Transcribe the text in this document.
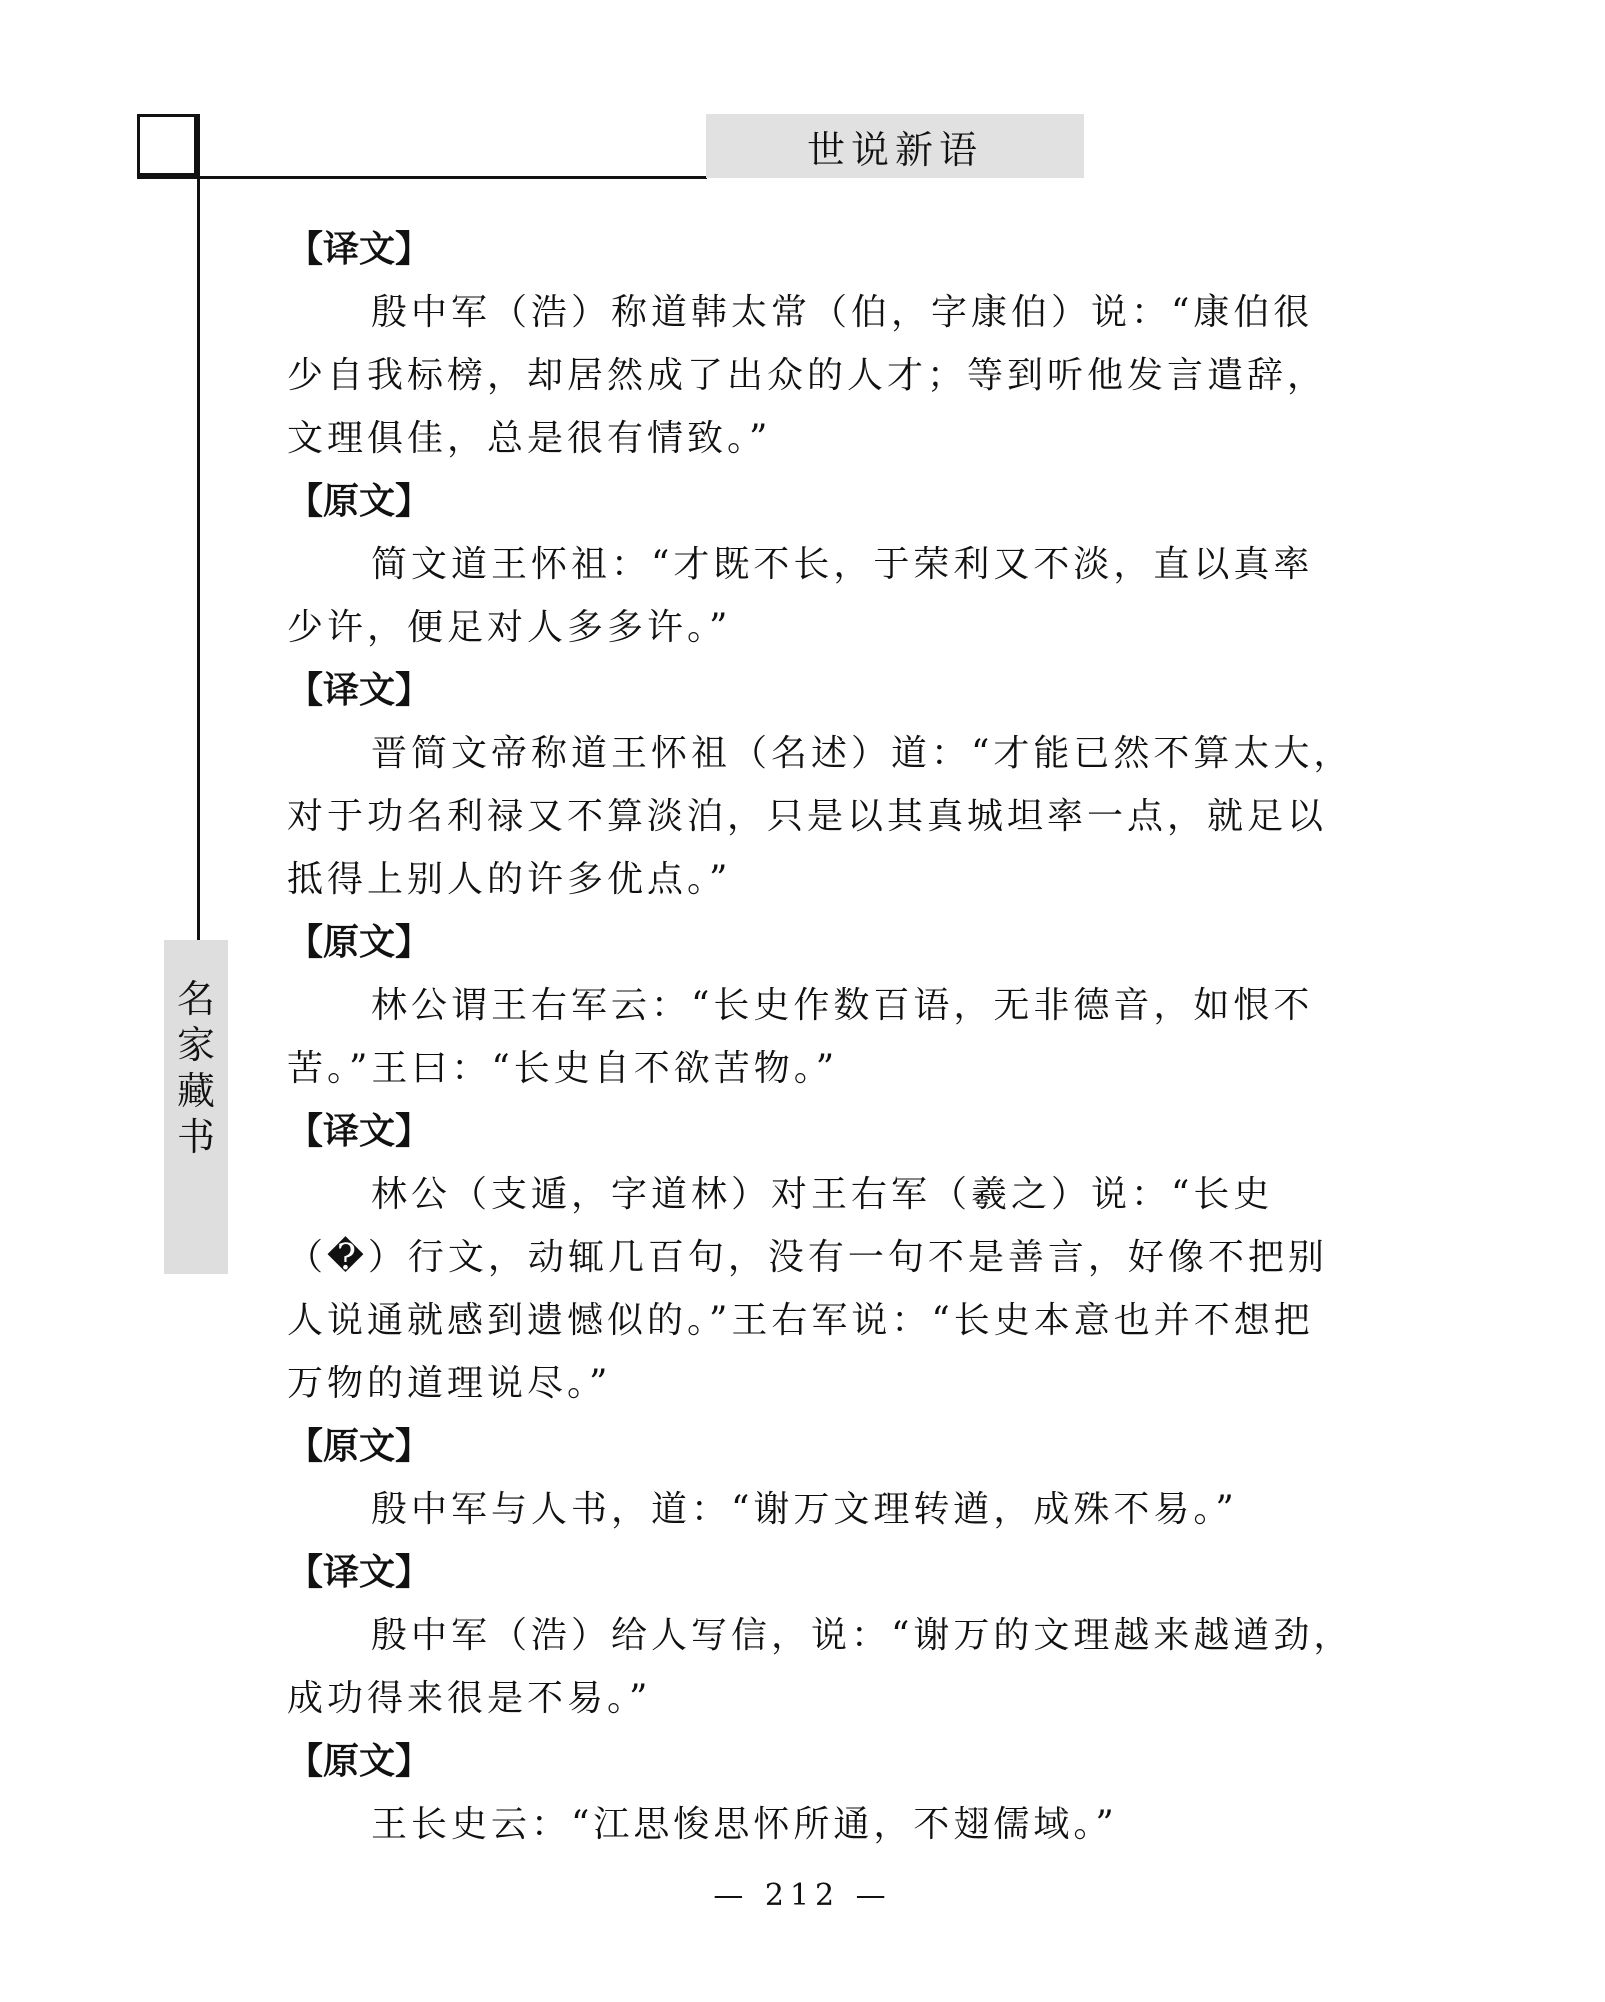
世说新语
名
家
藏
书
【译文】
殷中军（浩）称道韩太常（伯，字康伯）说：“康伯很
少自我标榜，却居然成了出众的人才；等到听他发言遣辞，
文理俱佳，总是很有情致。”
【原文】
简文道王怀祖：“才既不长，于荣利又不淡，直以真率
少许，便足对人多多许。”
【译文】
晋简文帝称道王怀祖（名述）道：“才能已然不算太大，
对于功名利禄又不算淡泊，只是以其真城坦率一点，就足以
抵得上别人的许多优点。”
【原文】
林公谓王右军云：“长史作数百语，无非德音，如恨不
苦。”王曰：“长史自不欲苦物。”
【译文】
林公（支遁，字道林）对王右军（羲之）说：“长史
（�）行文，动辄几百句，没有一句不是善言，好像不把别
人说通就感到遗憾似的。”王右军说：“长史本意也并不想把
万物的道理说尽。”
【原文】
殷中军与人书，道：“谢万文理转遒，成殊不易。”
【译文】
殷中军（浩）给人写信，说：“谢万的文理越来越遒劲，
成功得来很是不易。”
【原文】
王长史云：“江思悛思怀所通，不翅儒域。”
— 212 —
